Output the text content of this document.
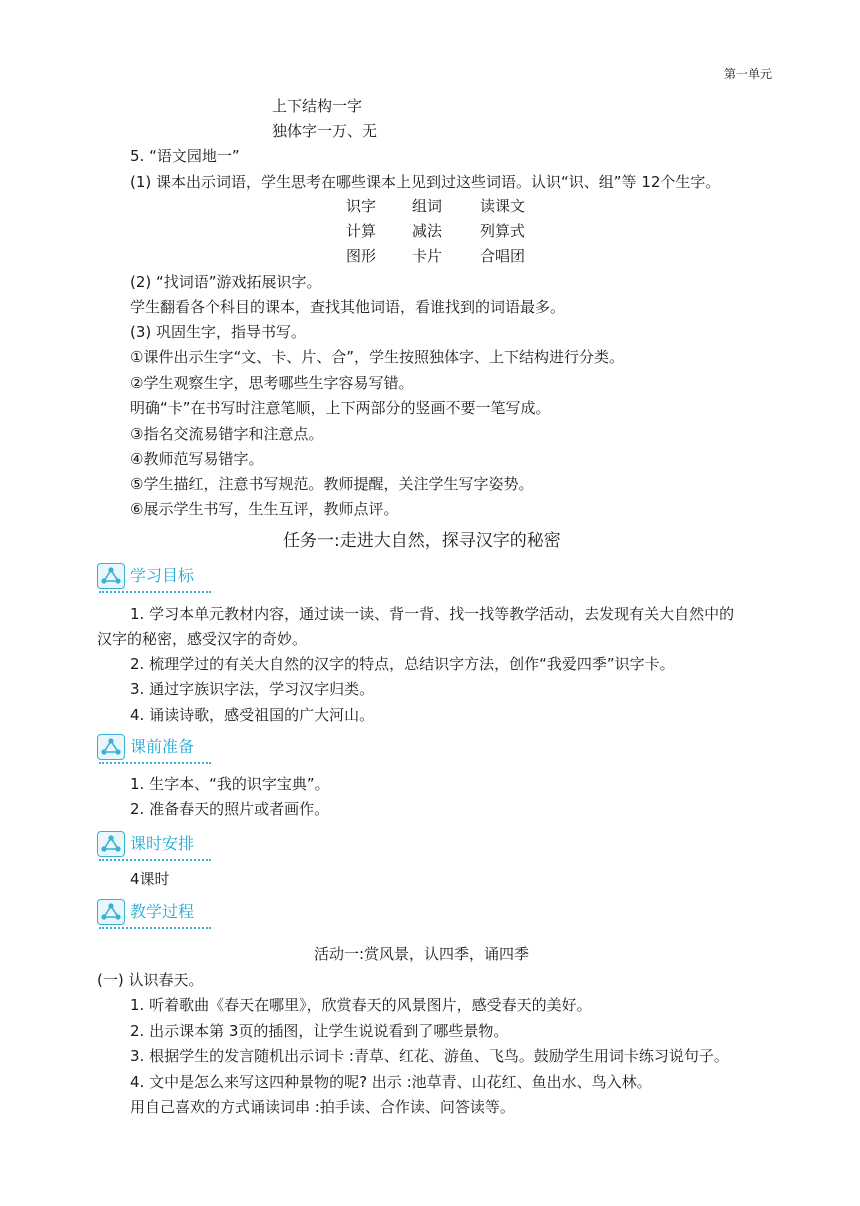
第一单元
上下结构一字
独体字一万、无
5. “语文园地一”
(1) 课本出示词语，学生思考在哪些课本上见到过这些词语。认识“识、组”等 12个生字。
识字 组词	读课文
计算 减法	列算式
图形 卡片	合唱团
(2) “找词语”游戏拓展识字。
学生翻看各个科目的课本，查找其他词语，看谁找到的词语最多。
(3) 巩固生字，指导书写。
①课件出示生字“文、卡、片、合”，学生按照独体字、上下结构进行分类。
②学生观察生字，思考哪些生字容易写错。
明确“卡”在书写时注意笔顺，上下两部分的竖画不要一笔写成。
③指名交流易错字和注意点。
④教师范写易错字。
⑤学生描红，注意书写规范。教师提醒，关注学生写字姿势。
⑥展示学生书写，生生互评，教师点评。
任务一:走进大自然，探寻汉字的秘密
学习目标
1. 学习本单元教材内容，通过读一读、背一背、找一找等教学活动，去发现有关大自然中的
汉字的秘密，感受汉字的奇妙。
2. 梳理学过的有关大自然的汉字的特点，总结识字方法，创作“我爱四季”识字卡。
3. 通过字族识字法，学习汉字归类。
4. 诵读诗歌，感受祖国的广大河山。
课前准备
1. 生字本、“我的识字宝典”。
2. 准备春天的照片或者画作。
课时安排
4课时
教学过程
活动一:赏风景，认四季，诵四季
(一) 认识春天。
1. 听着歌曲《春天在哪里》，欣赏春天的风景图片，感受春天的美好。
2. 出示课本第 3页的插图，让学生说说看到了哪些景物。
3. 根据学生的发言随机出示词卡 :青草、红花、游鱼、飞鸟。鼓励学生用词卡练习说句子。
4. 文中是怎么来写这四种景物的呢? 出示 :池草青、山花红、鱼出水、鸟入林。
用自己喜欢的方式诵读词串 :拍手读、合作读、问答读等。
